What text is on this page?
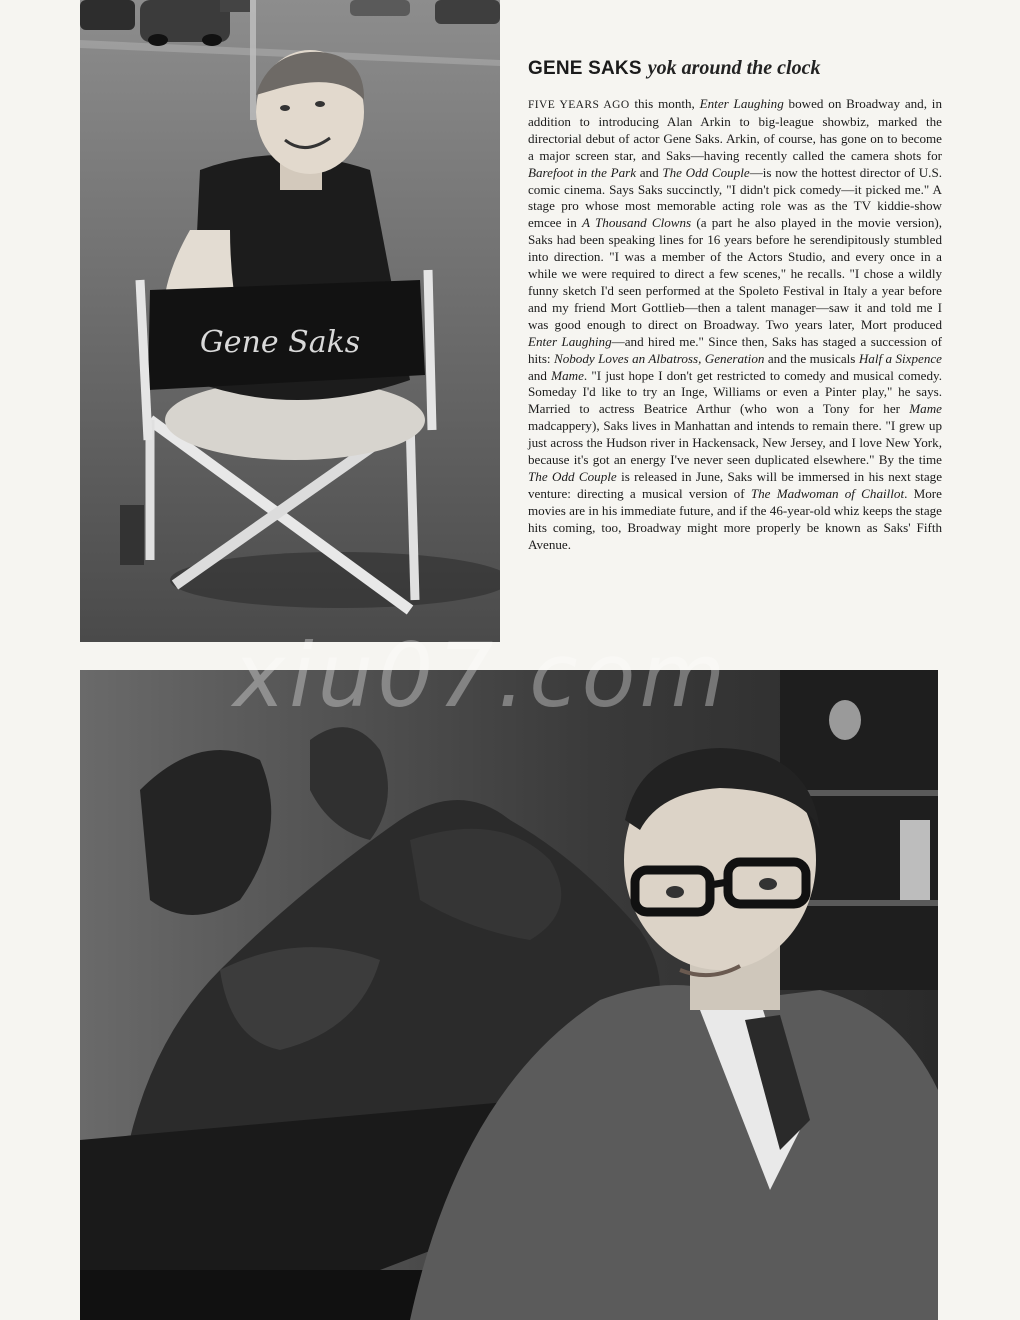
Gene Saks
GENE SAKS yok around the clock

FIVE YEARS AGO this month, Enter Laughing bowed on Broadway and, in addition to introducing Alan Arkin to big-league showbiz, marked the directorial debut of actor Gene Saks. Arkin, of course, has gone on to become a major screen star, and Saks—having recently called the camera shots for Barefoot in the Park and The Odd Couple—is now the hottest director of U.S. comic cinema. Says Saks succinctly, "I didn't pick comedy—it picked me." A stage pro whose most memorable acting role was as the TV kiddie-show emcee in A Thousand Clowns (a part he also played in the movie version), Saks had been speaking lines for 16 years before he serendipitously stumbled into direction. "I was a member of the Actors Studio, and every once in a while we were required to direct a few scenes," he recalls. "I chose a wildly funny sketch I'd seen performed at the Spoleto Festival in Italy a year before and my friend Mort Gottlieb—then a talent manager—saw it and told me I was good enough to direct on Broadway. Two years later, Mort produced Enter Laughing—and hired me." Since then, Saks has staged a succession of hits: Nobody Loves an Albatross, Generation and the musicals Half a Sixpence and Mame. "I just hope I don't get restricted to comedy and musical comedy. Someday I'd like to try an Inge, Williams or even a Pinter play," he says. Married to actress Beatrice Arthur (who won a Tony for her Mame madcappery), Saks lives in Manhattan and intends to remain there. "I grew up just across the Hudson river in Hackensack, New Jersey, and I love New York, because it's got an energy I've never seen duplicated elsewhere." By the time The Odd Couple is released in June, Saks will be immersed in his next stage venture: directing a musical version of The Madwoman of Chaillot. More movies are in his immediate future, and if the 46-year-old whiz keeps the stage hits coming, too, Broadway might more properly be known as Saks' Fifth Avenue.

xiu07.com
